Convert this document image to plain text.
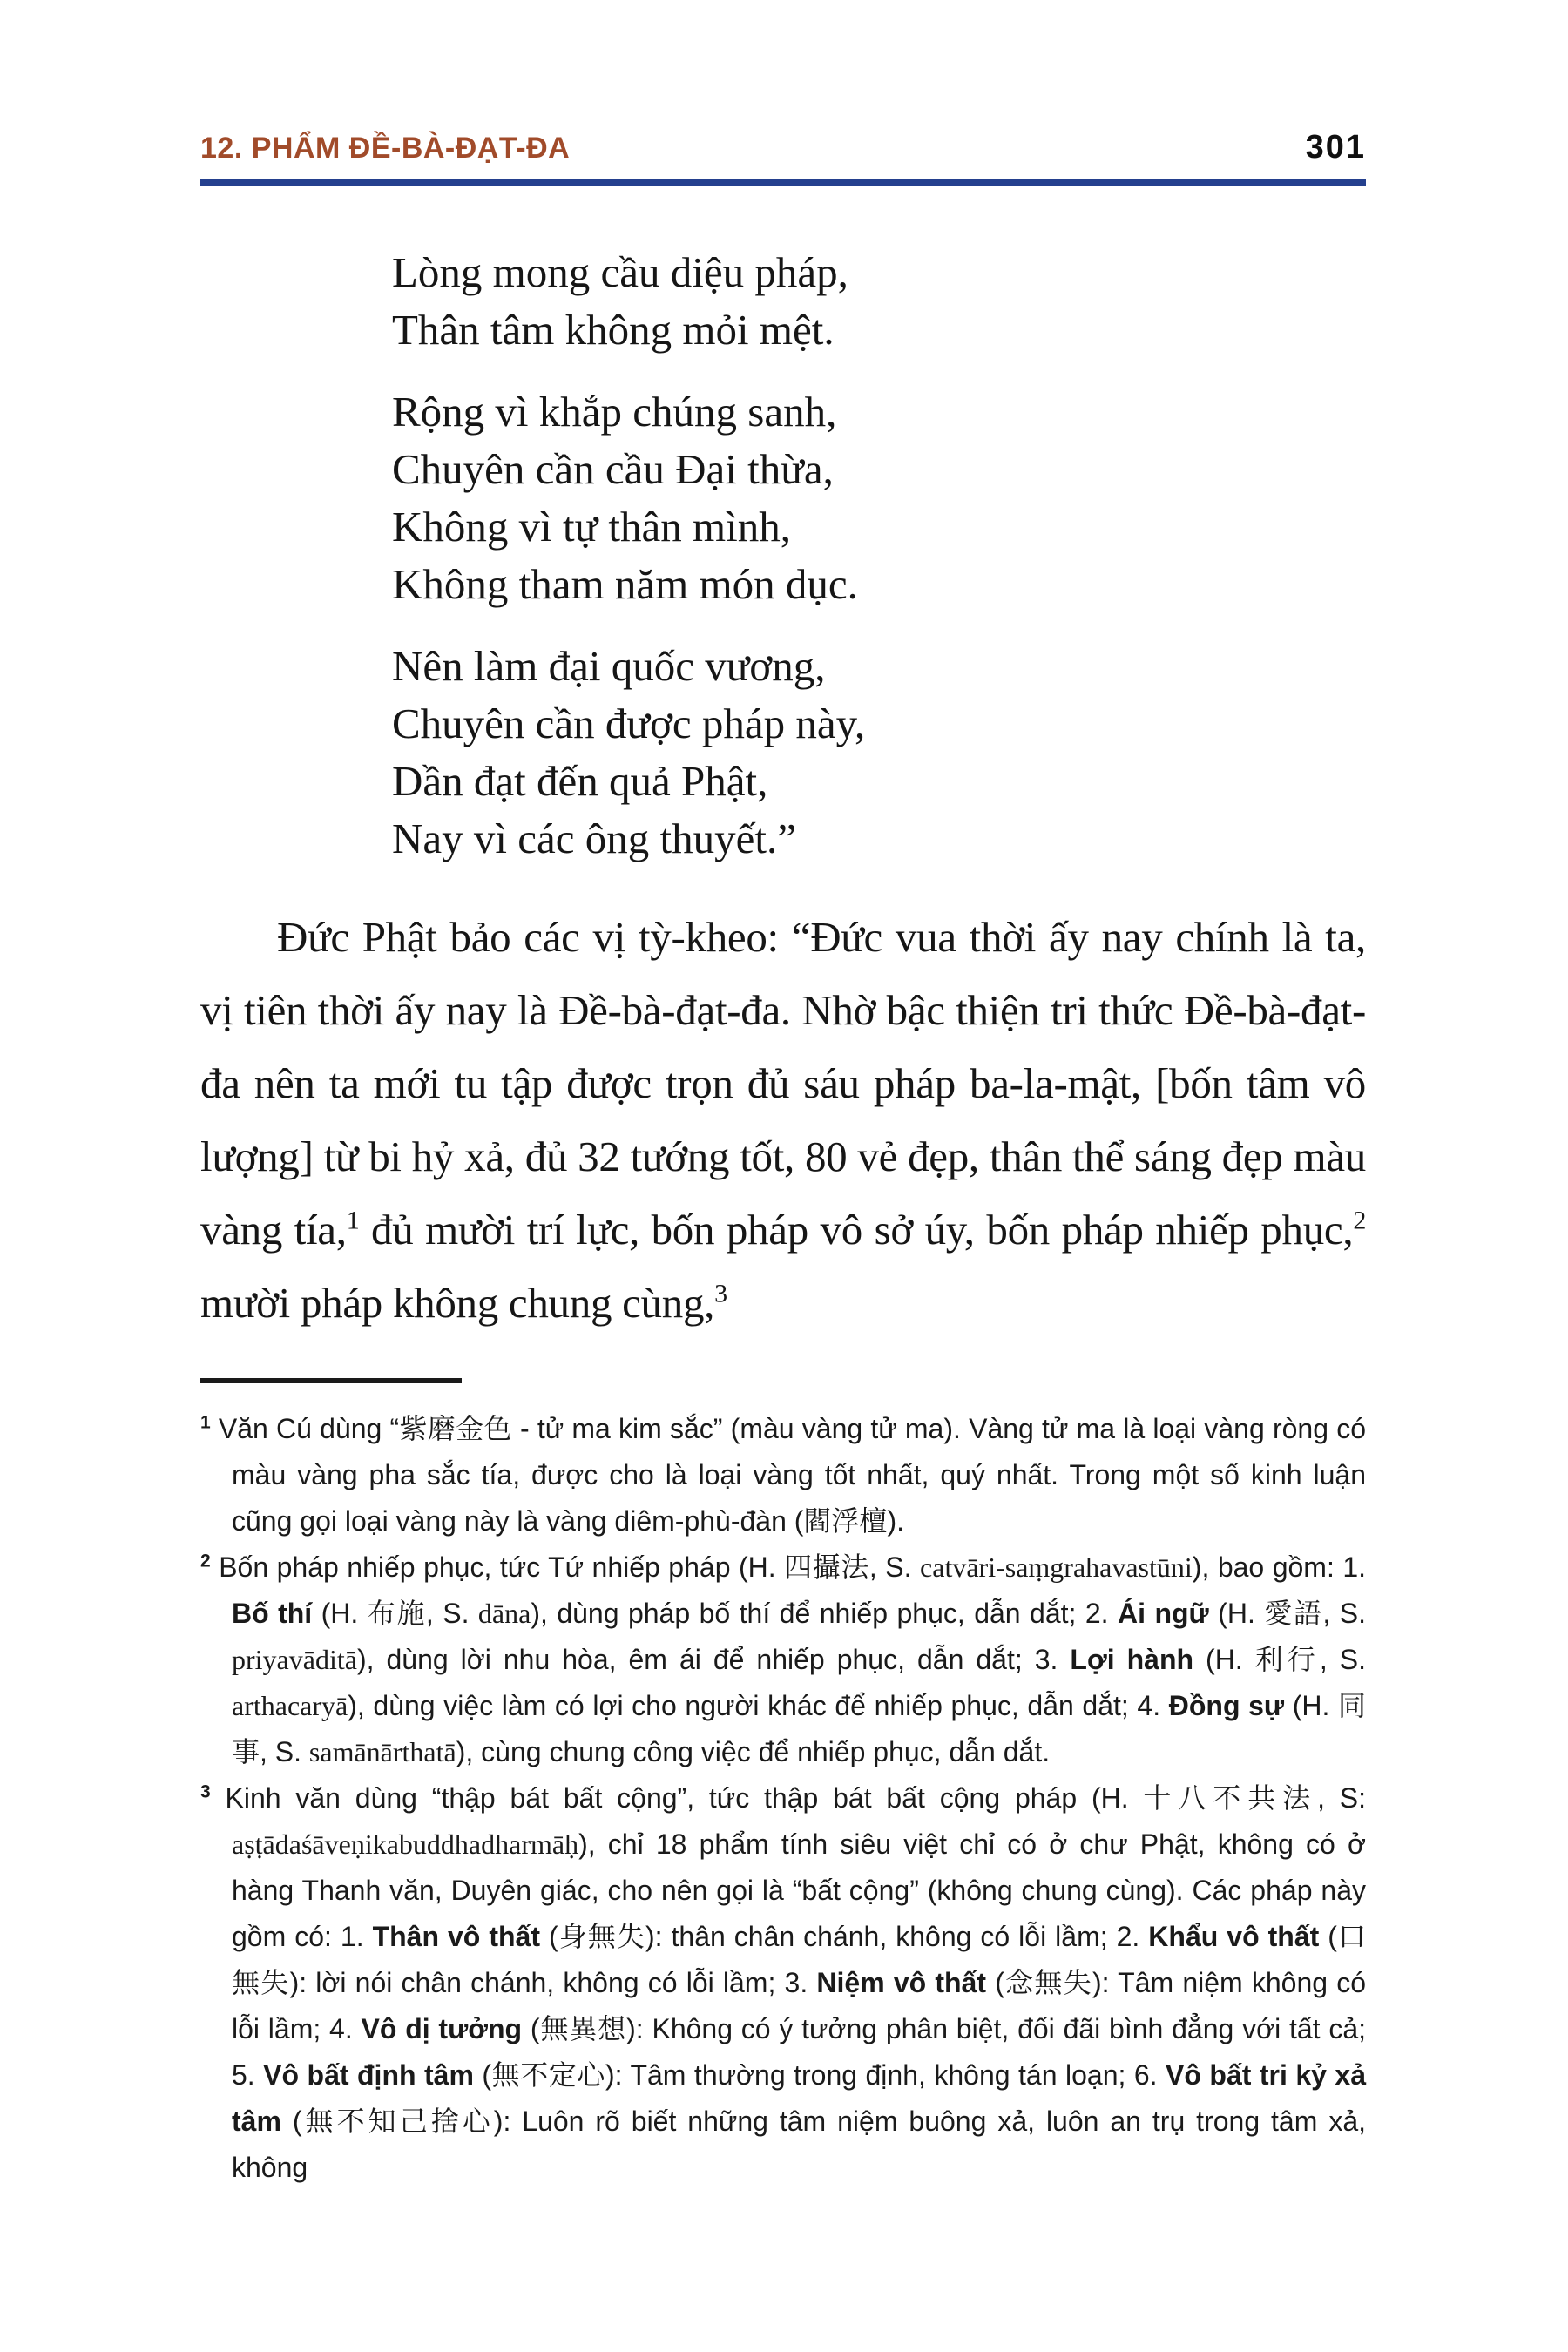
12. PHẨM ĐỀ-BÀ-ĐẠT-ĐA	301
Lòng mong cầu diệu pháp,
Thân tâm không mỏi mệt.
Rộng vì khắp chúng sanh,
Chuyên cần cầu Đại thừa,
Không vì tự thân mình,
Không tham năm món dục.
Nên làm đại quốc vương,
Chuyên cần được pháp này,
Dần đạt đến quả Phật,
Nay vì các ông thuyết.”

Đức Phật bảo các vị tỳ-kheo: “Đức vua thời ấy nay chính là ta, vị tiên thời ấy nay là Đề-bà-đạt-đa. Nhờ bậc thiện tri thức Đề-bà-đạt-đa nên ta mới tu tập được trọn đủ sáu pháp ba-la-mật, [bốn tâm vô lượng] từ bi hỷ xả, đủ 32 tướng tốt, 80 vẻ đẹp, thân thể sáng đẹp màu vàng tía,$^1$ đủ mười trí lực, bốn pháp vô sở úy, bốn pháp nhiếp phục,$^2$ mười pháp không chung cùng,$^3$

$^1$ Văn Cú dùng “紫磨金色 - tử ma kim sắc” (màu vàng tử ma). Vàng tử ma là loại vàng ròng có màu vàng pha sắc tía, được cho là loại vàng tốt nhất, quý nhất. Trong một số kinh luận cũng gọi loại vàng này là vàng diêm-phù-đàn (閻浮檀).

$^2$ Bốn pháp nhiếp phục, tức Tứ nhiếp pháp (H. 四攝法, S. catvāri-saṃgrahavastūni), bao gồm: 1. Bố thí (H. 布施, S. dāna), dùng pháp bố thí để nhiếp phục, dẫn dắt; 2. Ái ngữ (H. 愛語, S. priyavāditā), dùng lời nhu hòa, êm ái để nhiếp phục, dẫn dắt; 3. Lợi hành (H. 利行, S. arthacaryā), dùng việc làm có lợi cho người khác để nhiếp phục, dẫn dắt; 4. Đồng sự (H. 同事, S. samānārthatā), cùng chung công việc để nhiếp phục, dẫn dắt.

$^3$ Kinh văn dùng “thập bát bất cộng”, tức thập bát bất cộng pháp (H. 十八不共法, S: aṣṭādaśāveṇikabuddhadharmāḥ), chỉ 18 phẩm tính siêu việt chỉ có ở chư Phật, không có ở hàng Thanh văn, Duyên giác, cho nên gọi là “bất cộng” (không chung cùng). Các pháp này gồm có: 1. Thân vô thất (身無失): thân chân chánh, không có lỗi lầm; 2. Khẩu vô thất (口無失): lời nói chân chánh, không có lỗi lầm; 3. Niệm vô thất (念無失): Tâm niệm không có lỗi lầm; 4. Vô dị tưởng (無異想): Không có ý tưởng phân biệt, đối đãi bình đẳng với tất cả; 5. Vô bất định tâm (無不定心): Tâm thường trong định, không tán loạn; 6. Vô bất tri kỷ xả tâm (無不知己捨心): Luôn rõ biết những tâm niệm buông xả, luôn an trụ trong tâm xả, không
